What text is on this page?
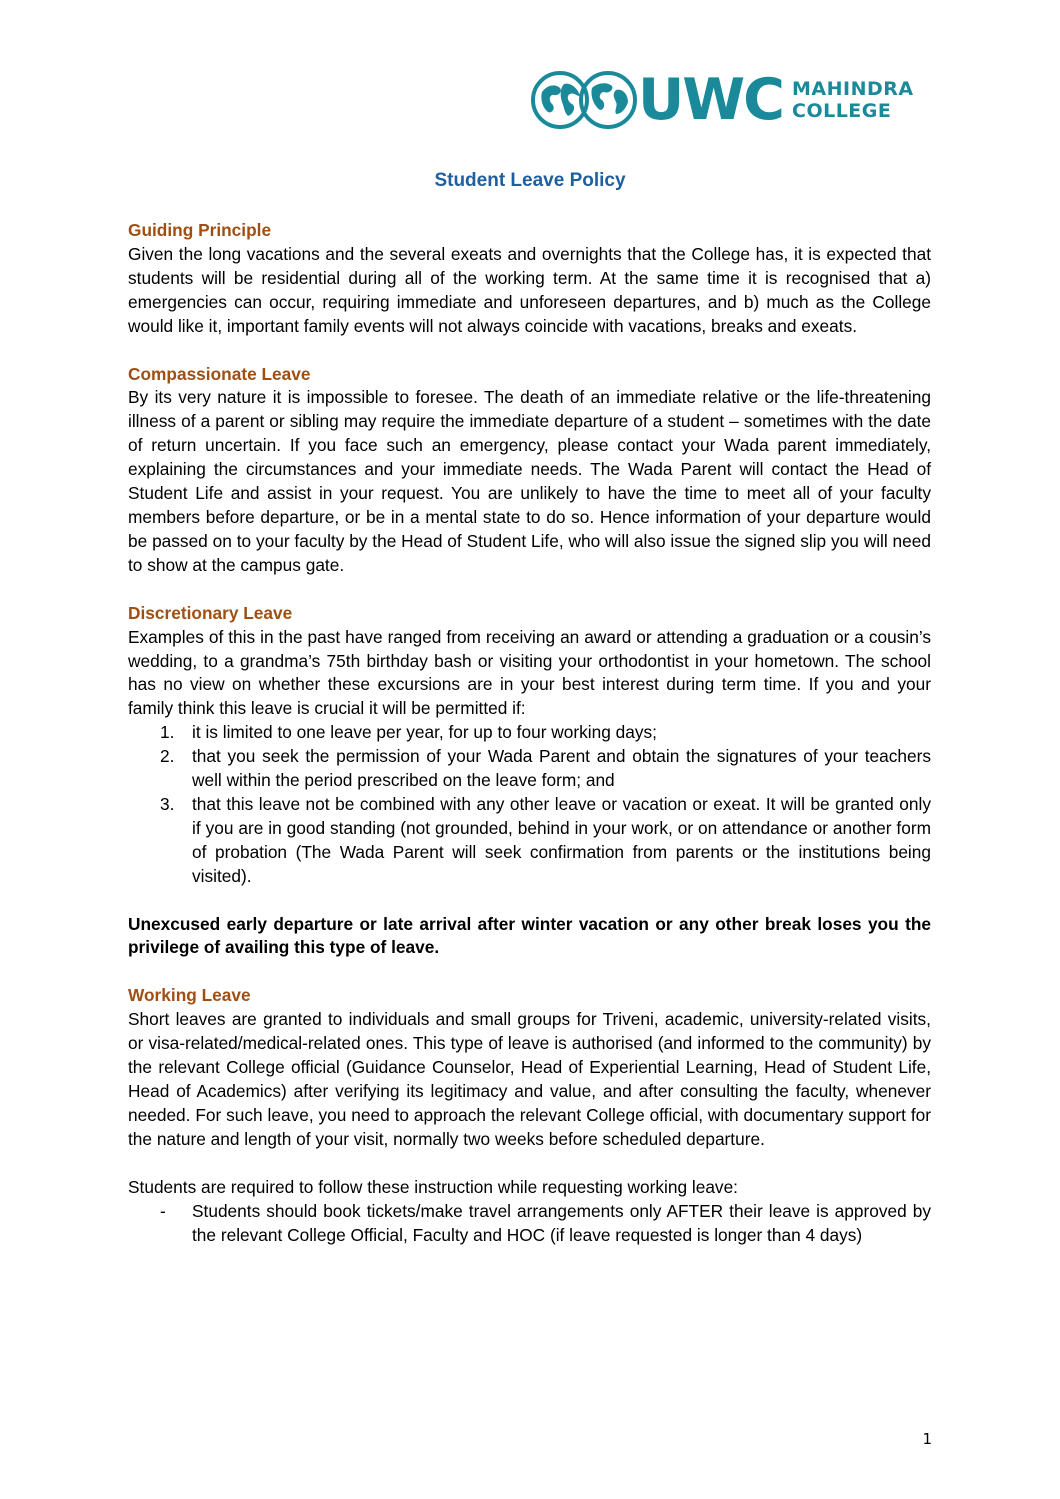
UWC MAHINDRA
COLLEGE
Student Leave Policy
Guiding Principle

Given the long vacations and the several exeats and overnights that the College has, it is expected that students will be residential during all of the working term. At the same time it is recognised that a) emergencies can occur, requiring immediate and unforeseen departures, and b) much as the College would like it, important family events will not always coincide with vacations, breaks and exeats.

Compassionate Leave

By its very nature it is impossible to foresee. The death of an immediate relative or the life-threatening illness of a parent or sibling may require the immediate departure of a student – sometimes with the date of return uncertain. If you face such an emergency, please contact your Wada parent immediately, explaining the circumstances and your immediate needs. The Wada Parent will contact the Head of Student Life and assist in your request. You are unlikely to have the time to meet all of your faculty members before departure, or be in a mental state to do so. Hence information of your departure would be passed on to your faculty by the Head of Student Life, who will also issue the signed slip you will need to show at the campus gate.

Discretionary Leave

Examples of this in the past have ranged from receiving an award or attending a graduation or a cousin’s wedding, to a grandma’s 75th birthday bash or visiting your orthodontist in your hometown. The school has no view on whether these excursions are in your best interest during term time. If you and your family think this leave is crucial it will be permitted if:

1. it is limited to one leave per year, for up to four working days;
2. that you seek the permission of your Wada Parent and obtain the signatures of your teachers well within the period prescribed on the leave form; and
3. that this leave not be combined with any other leave or vacation or exeat. It will be granted only if you are in good standing (not grounded, behind in your work, or on attendance or another form of probation (The Wada Parent will seek confirmation from parents or the institutions being visited).

Unexcused early departure or late arrival after winter vacation or any other break loses you the privilege of availing this type of leave.

Working Leave

Short leaves are granted to individuals and small groups for Triveni, academic, university-related visits, or visa-related/medical-related ones. This type of leave is authorised (and informed to the community) by the relevant College official (Guidance Counselor, Head of Experiential Learning, Head of Student Life, Head of Academics) after verifying its legitimacy and value, and after consulting the faculty, whenever needed. For such leave, you need to approach the relevant College official, with documentary support for the nature and length of your visit, normally two weeks before scheduled departure.

Students are required to follow these instruction while requesting working leave:

- Students should book tickets/make travel arrangements only AFTER their leave is approved by the relevant College Official, Faculty and HOC (if leave requested is longer than 4 days)
1
